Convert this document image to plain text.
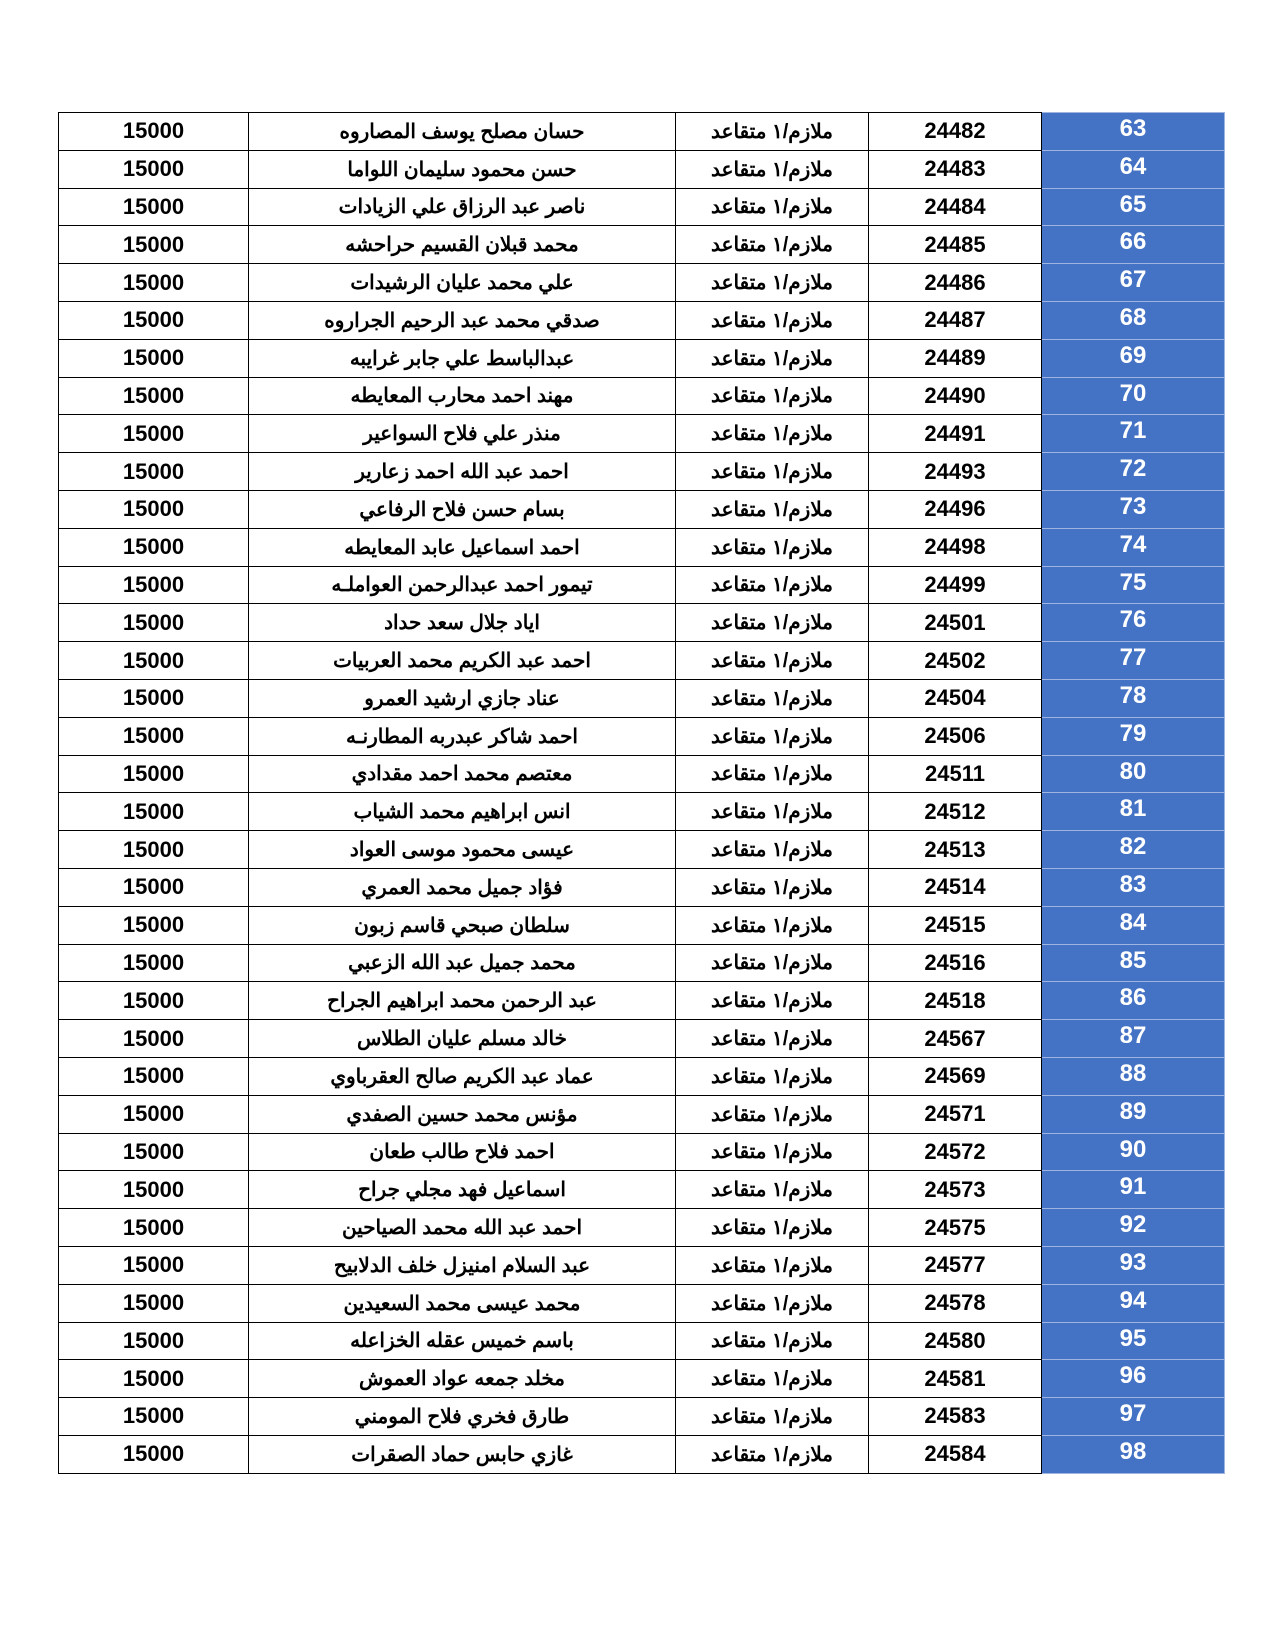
15000	حسان مصلح يوسف المصاروه	ملازم/١ متقاعد	24482	63
15000	حسن محمود سليمان اللواما	ملازم/١ متقاعد	24483	64
15000	ناصر عبد الرزاق علي الزيادات	ملازم/١ متقاعد	24484	65
15000	محمد قبلان القسيم حراحشه	ملازم/١ متقاعد	24485	66
15000	علي محمد عليان الرشيدات	ملازم/١ متقاعد	24486	67
15000	صدقي محمد عبد الرحيم الجراروه	ملازم/١ متقاعد	24487	68
15000	عبدالباسط علي جابر غرايبه	ملازم/١ متقاعد	24489	69
15000	مهند احمد محارب المعايطه	ملازم/١ متقاعد	24490	70
15000	منذر علي فلاح السواعير	ملازم/١ متقاعد	24491	71
15000	احمد عبد الله احمد زعارير	ملازم/١ متقاعد	24493	72
15000	بسام حسن فلاح الرفاعي	ملازم/١ متقاعد	24496	73
15000	احمد اسماعيل عابد المعايطه	ملازم/١ متقاعد	24498	74
15000	تيمور احمد عبدالرحمن العواملـه	ملازم/١ متقاعد	24499	75
15000	اياد جلال سعد حداد	ملازم/١ متقاعد	24501	76
15000	احمد عبد الكريم محمد العربيات	ملازم/١ متقاعد	24502	77
15000	عناد جازي ارشيد العمرو	ملازم/١ متقاعد	24504	78
15000	احمد شاكر عبدربه المطارنـه	ملازم/١ متقاعد	24506	79
15000	معتصم محمد احمد مقدادي	ملازم/١ متقاعد	24511	80
15000	انس ابراهيم محمد الشياب	ملازم/١ متقاعد	24512	81
15000	عيسى محمود موسى العواد	ملازم/١ متقاعد	24513	82
15000	فؤاد جميل محمد العمري	ملازم/١ متقاعد	24514	83
15000	سلطان صبحي قاسم زبون	ملازم/١ متقاعد	24515	84
15000	محمد جميل عبد الله الزعبي	ملازم/١ متقاعد	24516	85
15000	عبد الرحمن محمد ابراهيم الجراح	ملازم/١ متقاعد	24518	86
15000	خالد مسلم عليان الطلاس	ملازم/١ متقاعد	24567	87
15000	عماد عبد الكريم صالح العقرباوي	ملازم/١ متقاعد	24569	88
15000	مؤنس محمد حسين الصفدي	ملازم/١ متقاعد	24571	89
15000	احمد فلاح طالب طعان	ملازم/١ متقاعد	24572	90
15000	اسماعيل فهد مجلي جراح	ملازم/١ متقاعد	24573	91
15000	احمد عبد الله محمد الصياحين	ملازم/١ متقاعد	24575	92
15000	عبد السلام امنيزل خلف الدلابيح	ملازم/١ متقاعد	24577	93
15000	محمد عيسى محمد السعيدين	ملازم/١ متقاعد	24578	94
15000	باسم خميس عقله الخزاعله	ملازم/١ متقاعد	24580	95
15000	مخلد جمعه عواد العموش	ملازم/١ متقاعد	24581	96
15000	طارق فخري فلاح المومني	ملازم/١ متقاعد	24583	97
15000	غازي حابس حماد الصقرات	ملازم/١ متقاعد	24584	98
